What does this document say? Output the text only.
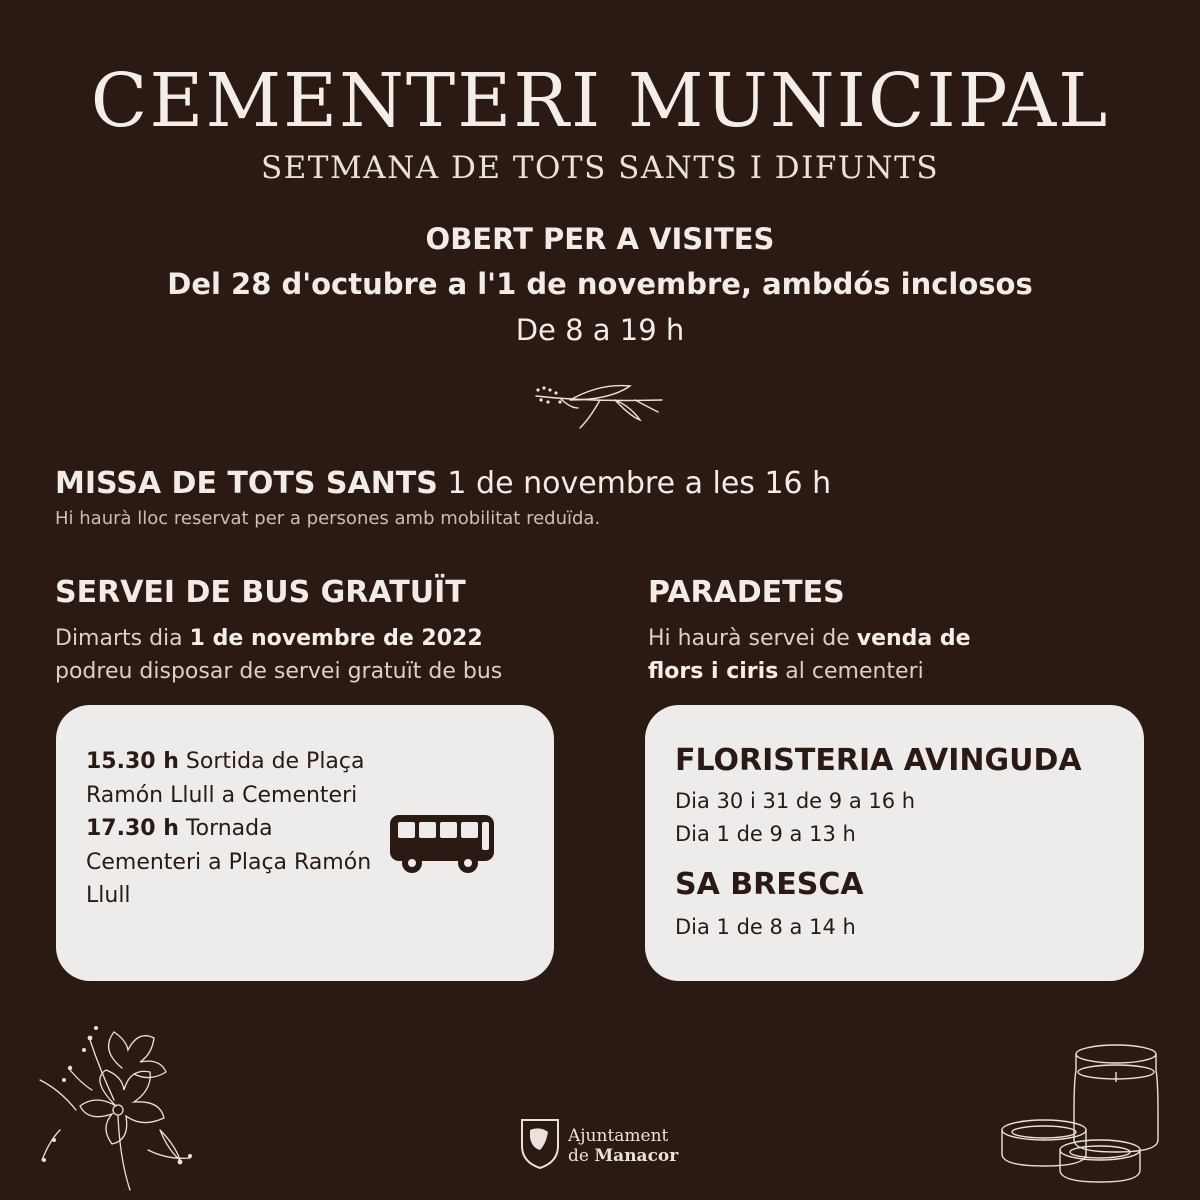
CEMENTERI MUNICIPAL
SETMANA DE TOTS SANTS I DIFUNTS
OBERT PER A VISITES
Del 28 d'octubre a l'1 de novembre, ambdós inclosos
De 8 a 19 h
MISSA DE TOTS SANTS 1 de novembre a les 16 h
Hi haurà lloc reservat per a persones amb mobilitat reduïda.
SERVEI DE BUS GRATUÏT
Dimarts dia 1 de novembre de 2022
podreu disposar de servei gratuït de bus
15.30 h Sortida de Plaça Ramón Llull a Cementeri
17.30 h Tornada Cementeri a Plaça Ramón Llull
PARADETES
Hi haurà servei de venda de flors i ciris al cementeri
FLORISTERIA AVINGUDA
Dia 30 i 31 de 9 a 16 h
Dia 1 de 9 a 13 h
SA BRESCA
Dia 1 de 8 a 14 h
Ajuntament
de Manacor
